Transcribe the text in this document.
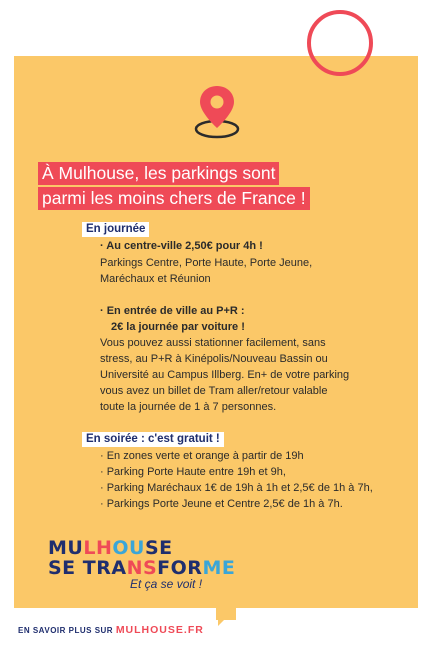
À Mulhouse, les parkings sont
parmi les moins chers de France !
En journée
· Au centre-ville 2,50€ pour 4h !
Parkings Centre, Porte Haute, Porte Jeune,
Maréchaux et Réunion
· En entrée de ville au P+R :
2€ la journée par voiture !
Vous pouvez aussi stationner facilement, sans
stress, au P+R à Kinépolis/Nouveau Bassin ou
Université au Campus Illberg. En+ de votre parking
vous avez un billet de Tram aller/retour valable
toute la journée de 1 à 7 personnes.
En soirée : c'est gratuit !
· En zones verte et orange à partir de 19h
· Parking Porte Haute entre 19h et 9h,
· Parking Maréchaux 1€ de 19h à 1h et 2,5€ de 1h à 7h,
· Parkings Porte Jeune et Centre 2,5€ de 1h à 7h.
MULHOUSE
SE TRANSFORME
Et ça se voit !
EN SAVOIR PLUS SUR MULHOUSE.FR
